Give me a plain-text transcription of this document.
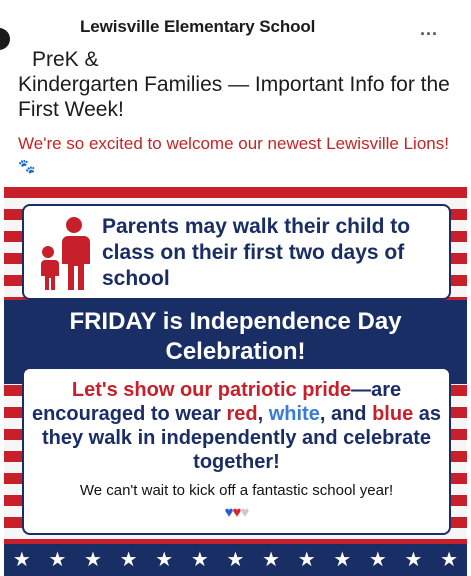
Lewisville Elementary School	...
PreK &
Kindergarten Families — Important Info for the First Week!
We're so excited to welcome our newest Lewisville Lions! 🐾
Parents may walk their child to class on their first two days of school
FRIDAY is Independence Day
Celebration!
Let's show our patriotic pride—are encouraged to wear red, white, and blue as they walk in independently and celebrate together!
We can't wait to kick off a fantastic school year!
♥♥♥
★ ★ ★ ★ ★ ★ ★ ★ ★ ★ ★ ★ ★
